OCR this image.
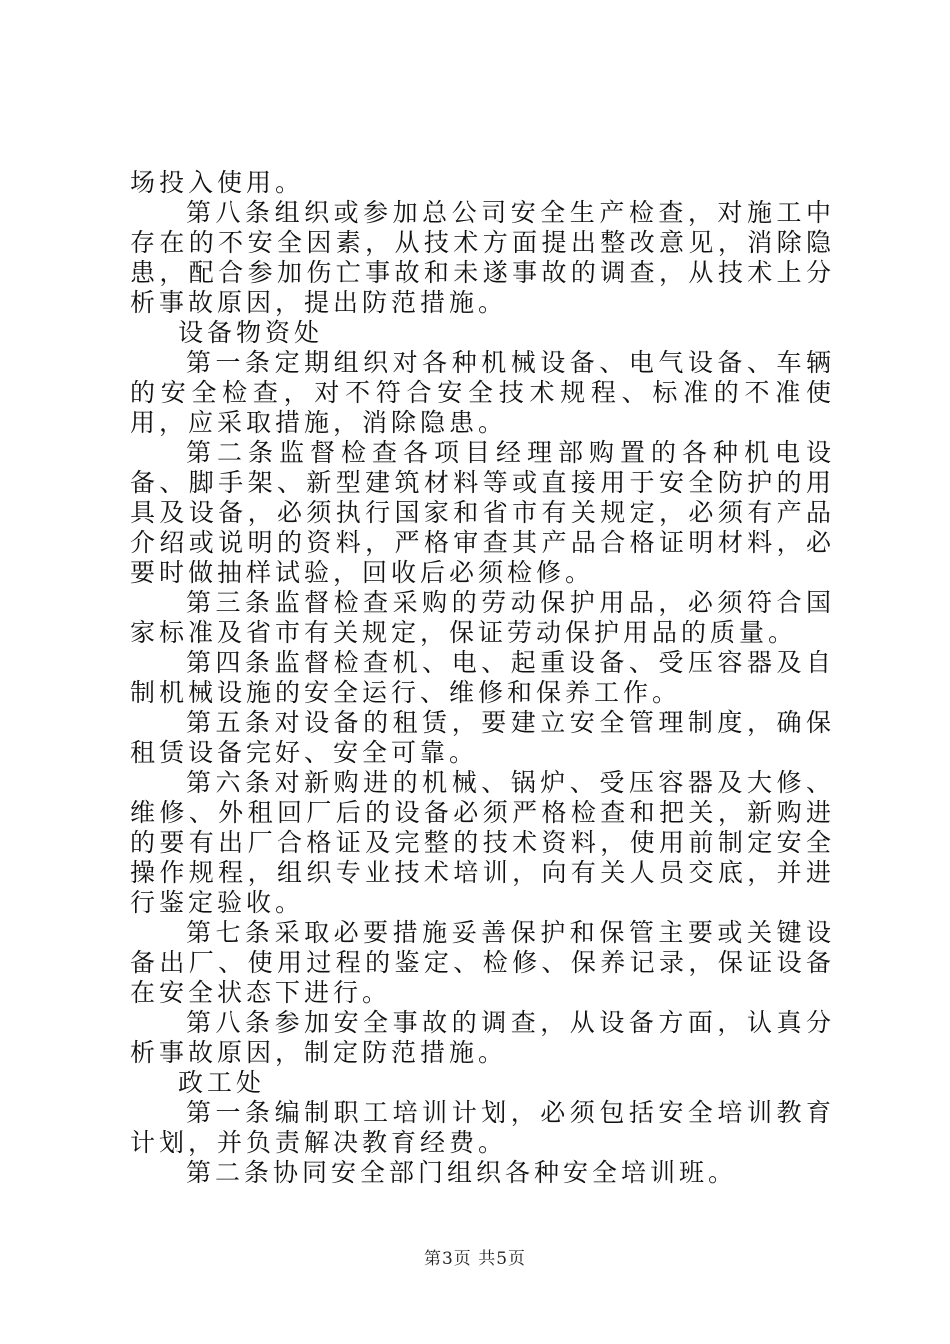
场投入使用。

第八条组织或参加总公司安全生产检查，对施工中存在的不安全因素，从技术方面提出整改意见，消除隐患，配合参加伤亡事故和未遂事故的调查，从技术上分析事故原因，提出防范措施。

设备物资处

第一条定期组织对各种机械设备、电气设备、车辆的安全检查，对不符合安全技术规程、标准的不准使用，应采取措施，消除隐患。

第二条监督检查各项目经理部购置的各种机电设备、脚手架、新型建筑材料等或直接用于安全防护的用具及设备，必须执行国家和省市有关规定，必须有产品介绍或说明的资料，严格审查其产品合格证明材料，必要时做抽样试验，回收后必须检修。

第三条监督检查采购的劳动保护用品，必须符合国家标准及省市有关规定，保证劳动保护用品的质量。

第四条监督检查机、电、起重设备、受压容器及自制机械设施的安全运行、维修和保养工作。

第五条对设备的租赁，要建立安全管理制度，确保租赁设备完好、安全可靠。

第六条对新购进的机械、锅炉、受压容器及大修、维修、外租回厂后的设备必须严格检查和把关，新购进的要有出厂合格证及完整的技术资料，使用前制定安全操作规程，组织专业技术培训，向有关人员交底，并进行鉴定验收。

第七条采取必要措施妥善保护和保管主要或关键设备出厂、使用过程的鉴定、检修、保养记录，保证设备在安全状态下进行。

第八条参加安全事故的调查，从设备方面，认真分析事故原因，制定防范措施。

政工处

第一条编制职工培训计划，必须包括安全培训教育计划，并负责解决教育经费。

第二条协同安全部门组织各种安全培训班。

第3页 共5页
